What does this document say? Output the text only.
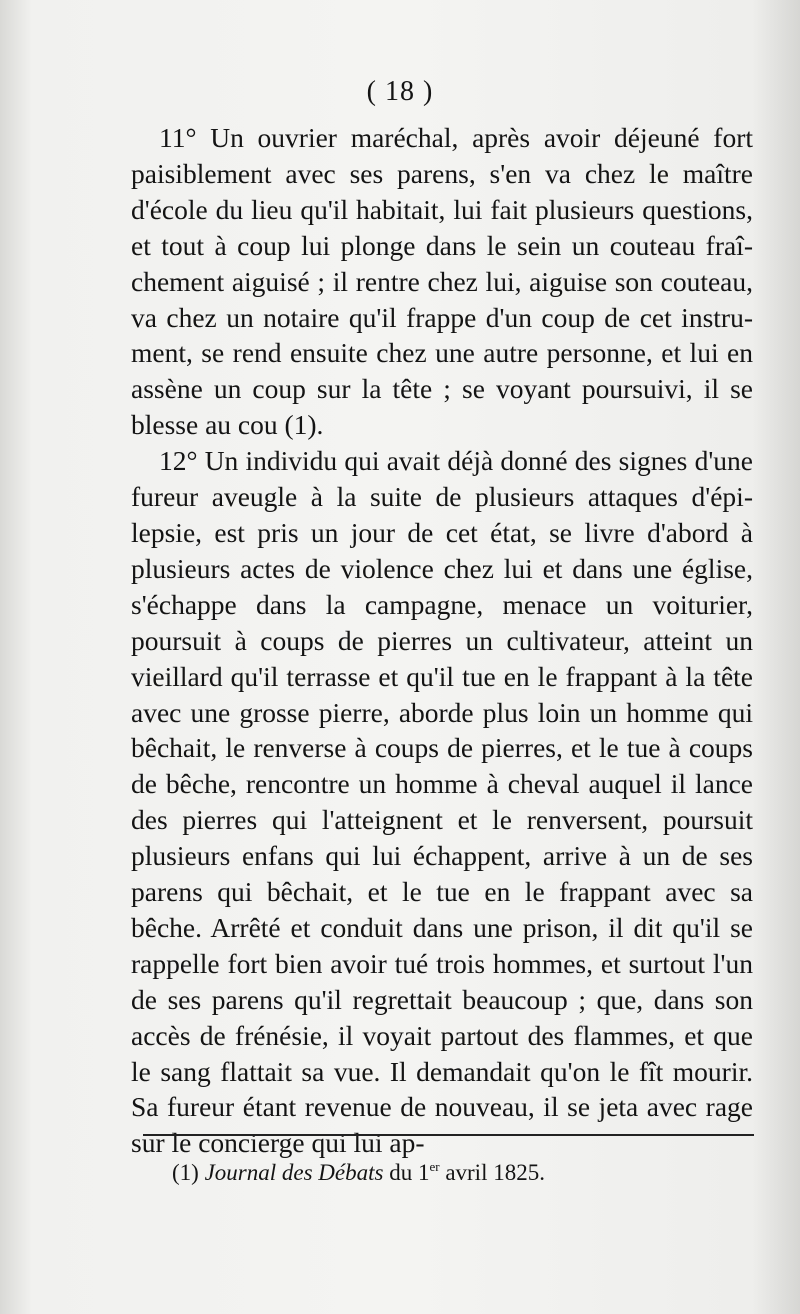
( 18 )

11° Un ouvrier maréchal, après avoir déjeuné fort paisiblement avec ses parens, s'en va chez le maître d'école du lieu qu'il habitait, lui fait plusieurs questions, et tout à coup lui plonge dans le sein un couteau fraîchement aiguisé ; il rentre chez lui, aiguise son couteau, va chez un notaire qu'il frappe d'un coup de cet instrument, se rend ensuite chez une autre personne, et lui en assène un coup sur la tête ; se voyant poursuivi, il se blesse au cou (1).

12° Un individu qui avait déjà donné des signes d'une fureur aveugle à la suite de plusieurs attaques d'épilepsie, est pris un jour de cet état, se livre d'abord à plusieurs actes de violence chez lui et dans une église, s'échappe dans la campagne, menace un voiturier, poursuit à coups de pierres un cultivateur, atteint un vieillard qu'il terrasse et qu'il tue en le frappant à la tête avec une grosse pierre, aborde plus loin un homme qui bêchait, le renverse à coups de pierres, et le tue à coups de bêche, rencontre un homme à cheval auquel il lance des pierres qui l'atteignent et le renversent, poursuit plusieurs enfans qui lui échappent, arrive à un de ses parens qui bêchait, et le tue en le frappant avec sa bêche. Arrêté et conduit dans une prison, il dit qu'il se rappelle fort bien avoir tué trois hommes, et surtout l'un de ses parens qu'il regrettait beaucoup ; que, dans son accès de frénésie, il voyait partout des flammes, et que le sang flattait sa vue. Il demandait qu'on le fît mourir. Sa fureur étant revenue de nouveau, il se jeta avec rage sur le concierge qui lui ap-

(1) Journal des Débats du 1er avril 1825.
